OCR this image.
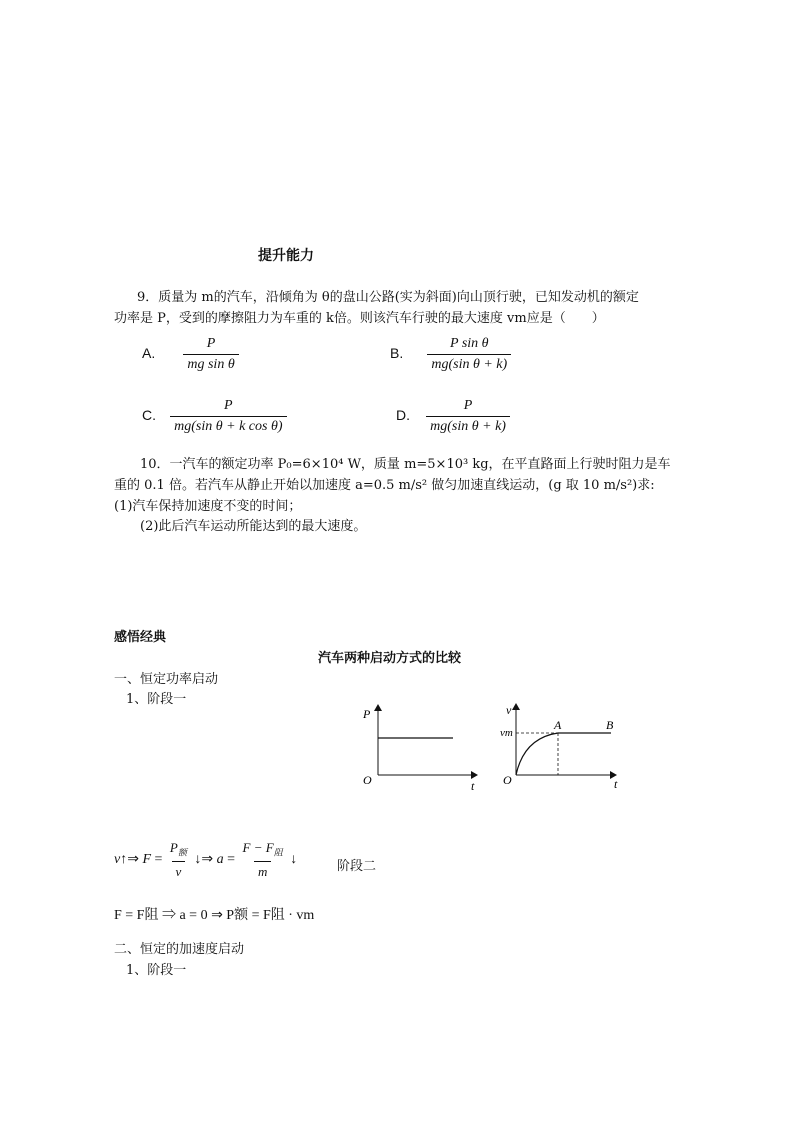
提升能力
9．质量为 m的汽车，沿倾角为 θ的盘山公路(实为斜面)向山顶行驶，已知发动机的额定
功率是 P，受到的摩擦阻力为车重的 k倍。则该汽车行驶的最大速度 vm应是（　　）
A. $\frac{P}{\text{mg sin θ}}$	B. $\frac{\text{P sin θ}}{\text{mg(sin θ + k)}}$
C. $\frac{P}{\text{mg(sin θ + k cos θ)}}$	D. $\frac{P}{\text{mg(sin θ + k)}}$
10．一汽车的额定功率 P₀=6×10⁴ W，质量 m=5×10³ kg，在平直路面上行驶时阻力是车
重的 0.1 倍。若汽车从静止开始以加速度 a=0.5 m/s² 做匀加速直线运动，(g 取 10 m/s²)求:
(1)汽车保持加速度不变的时间；
(2)此后汽车运动所能达到的最大速度。
感悟经典
汽车两种启动方式的比较
一、恒定功率启动
1、阶段一
P
t
O
v
vm
A	B
t
O
v↑⇒ $F = \frac{P_额}{v}$ ↓⇒ $a = \frac{F - F_阻}{m}$ ↓	阶段二
F = F阻 ⇒ a = 0 ⇒ P额 = F阻 · vm
二、恒定的加速度启动
1、阶段一
